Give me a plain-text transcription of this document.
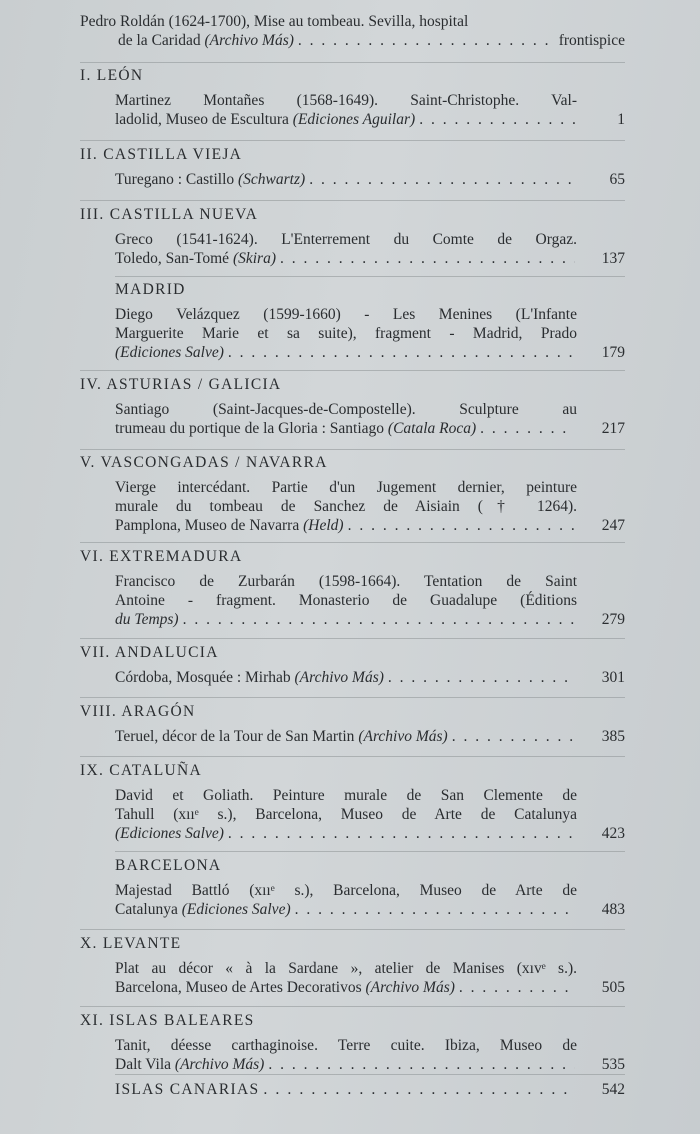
Pedro Roldán (1624-1700), Mise au tombeau. Sevilla, hospital
de la Caridad
(Archivo Más) . . .	frontispice
I. LEÓN
Martinez Montañes (1568-1649). Saint-Christophe. Val-
ladolid, Museo de Escultura
(Ediciones Aguilar) . . .	1
II. CASTILLA VIEJA
Turegano : Castillo
(Schwartz) . . .	65
III. CASTILLA NUEVA
Greco (1541-1624). L'Enterrement du Comte de Orgaz.
Toledo, San-Tomé
(Skira) . . .	137
MADRID
Diego Velázquez (1599-1660) - Les Menines (L'Infante
Marguerite Marie et sa suite), fragment - Madrid, Prado
(Ediciones Salve) . . .	179
IV. ASTURIAS / GALICIA
Santiago (Saint-Jacques-de-Compostelle). Sculpture au
trumeau du portique de la Gloria : Santiago
(Catala Roca) . . .	217
V. VASCONGADAS / NAVARRA
Vierge intercédant. Partie d'un Jugement dernier, peinture
murale du tombeau de Sanchez de Aisiain († 1264).
Pamplona, Museo de Navarra
(Held) . . .	247
VI. EXTREMADURA
Francisco de Zurbarán (1598-1664). Tentation de Saint
Antoine - fragment. Monasterio de Guadalupe (Éditions
du Temps) . . .	279
VII. ANDALUCIA
Córdoba, Mosquée : Mirhab
(Archivo Más) . . .	301
VIII. ARAGÓN
Teruel, décor de la Tour de San Martin
(Archivo Más) . . .	385
IX. CATALUÑA
David et Goliath. Peinture murale de San Clemente de
Tahull (xııᵉ s.), Barcelona, Museo de Arte de Catalunya
(Ediciones Salve) . . .	423
BARCELONA
Majestad Battló (xııᵉ s.), Barcelona, Museo de Arte de
Catalunya
(Ediciones Salve) . . .	483
X. LEVANTE
Plat au décor « à la Sardane », atelier de Manises (xıvᵉ s.).
Barcelona, Museo de Artes Decorativos
(Archivo Más) . . .	505
XI. ISLAS BALEARES
Tanit, déesse carthaginoise. Terre cuite. Ibiza, Museo de
Dalt Vila
(Archivo Más) . . .	535
ISLAS CANARIAS . . .	542
